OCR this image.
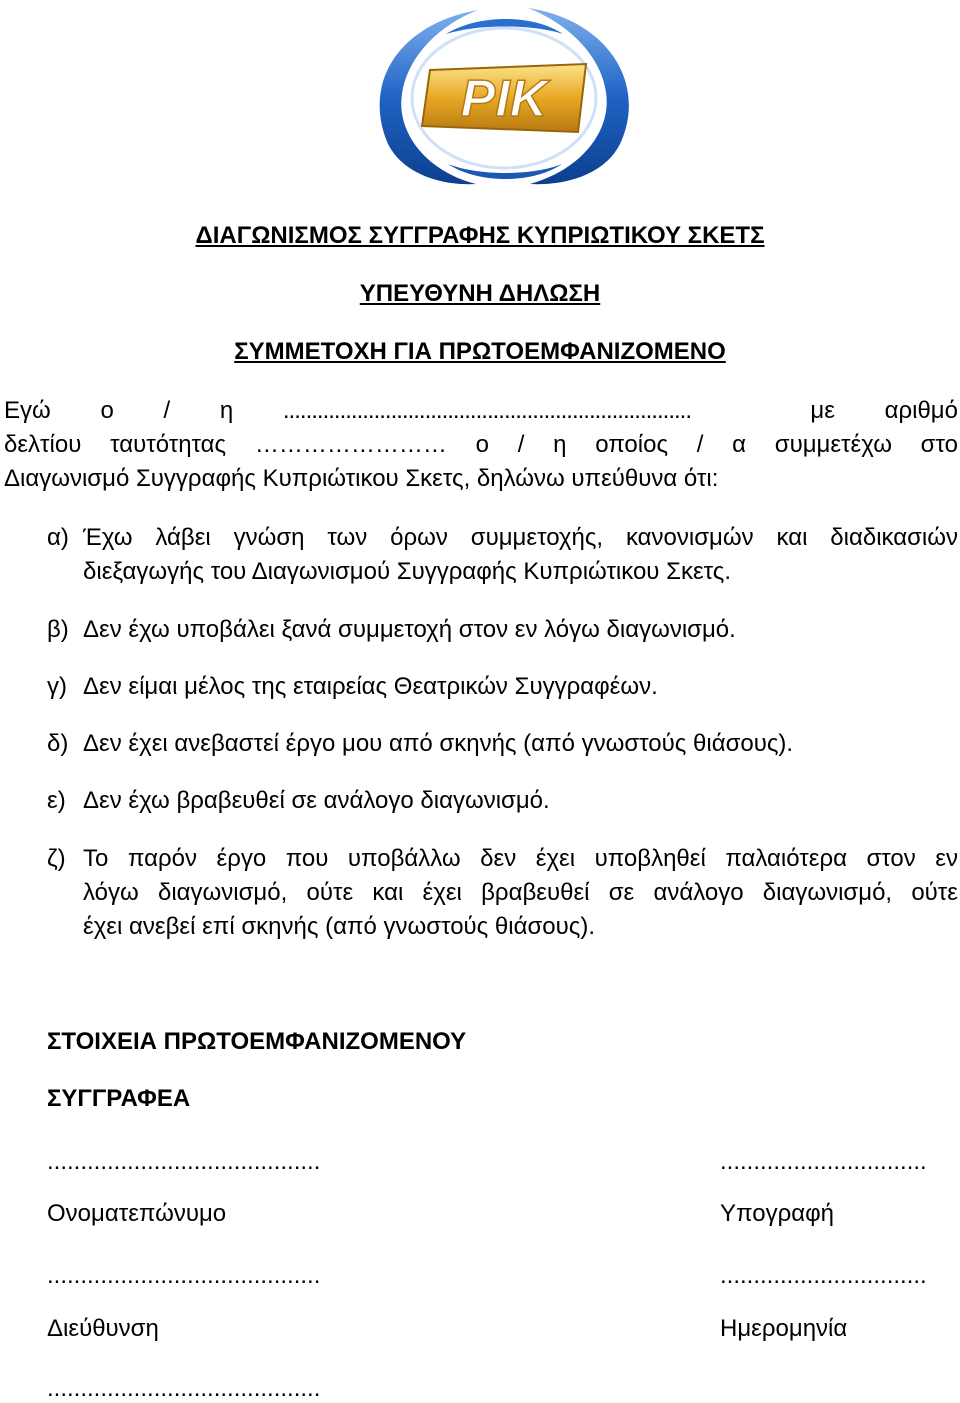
PIK
ΔΙΑΓΩΝΙΣΜΟΣ ΣΥΓΓΡΑΦΗΣ ΚΥΠΡΙΩΤΙΚΟΥ ΣΚΕΤΣ
ΥΠΕΥΘΥΝΗ ΔΗΛΩΣΗ
ΣΥΜΜΕΤΟΧΗ ΓΙΑ ΠΡΩΤΟΕΜΦΑΝΙΖΟΜΕΝΟ
Εγώ ο / η ........................................................................	με αριθμό
δελτίου ταυτότητας …………………… ο / η οποίος / α συμμετέχω στο
Διαγωνισμό Συγγραφής Κυπριώτικου Σκετς, δηλώνω υπεύθυνα ότι:
α) Έχω λάβει γνώση των όρων συμμετοχής, κανονισμών και διαδικασιών
διεξαγωγής του Διαγωνισμού Συγγραφής Κυπριώτικου Σκετς.
β) Δεν έχω υποβάλει ξανά συμμετοχή στον εν λόγω διαγωνισμό.
γ) Δεν είμαι μέλος της εταιρείας Θεατρικών Συγγραφέων.
δ) Δεν έχει ανεβαστεί έργο μου από σκηνής (από γνωστούς θιάσους).
ε) Δεν έχω βραβευθεί σε ανάλογο διαγωνισμό.
ζ) Το παρόν έργο που υποβάλλω δεν έχει υποβληθεί παλαιότερα στον εν
λόγω διαγωνισμό, ούτε και έχει βραβευθεί σε ανάλογο διαγωνισμό, ούτε
έχει ανεβεί επί σκηνής (από γνωστούς θιάσους).
ΣΤΟΙΧΕΙΑ ΠΡΩΤΟΕΜΦΑΝΙΖΟΜΕΝΟΥ
ΣΥΓΓΡΑΦΕΑ
.........................................	...............................
Ονοματεπώνυμο	Υπογραφή
.........................................	...............................
Διεύθυνση	Ημερομηνία
.........................................
